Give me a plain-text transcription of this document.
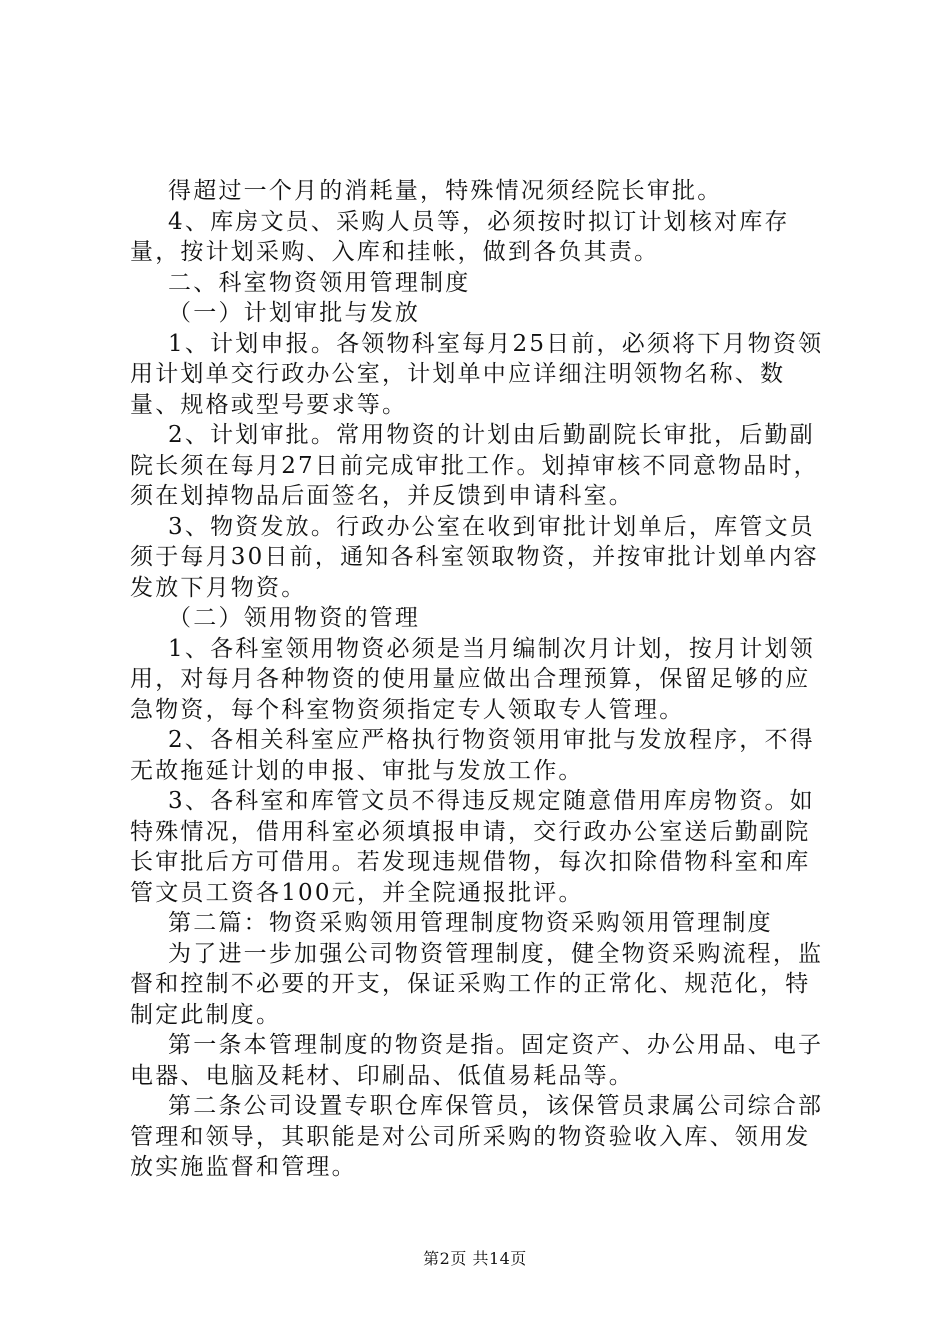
得超过一个月的消耗量，特殊情况须经院长审批。

4、库房文员、采购人员等，必须按时拟订计划核对库存量，按计划采购、入库和挂帐，做到各负其责。

二、科室物资领用管理制度

（一）计划审批与发放

1、计划申报。各领物科室每月25日前，必须将下月物资领用计划单交行政办公室，计划单中应详细注明领物名称、数量、规格或型号要求等。

2、计划审批。常用物资的计划由后勤副院长审批，后勤副院长须在每月27日前完成审批工作。划掉审核不同意物品时，须在划掉物品后面签名，并反馈到申请科室。

3、物资发放。行政办公室在收到审批计划单后，库管文员须于每月30日前，通知各科室领取物资，并按审批计划单内容发放下月物资。

（二）领用物资的管理

1、各科室领用物资必须是当月编制次月计划，按月计划领用，对每月各种物资的使用量应做出合理预算，保留足够的应急物资，每个科室物资须指定专人领取专人管理。

2、各相关科室应严格执行物资领用审批与发放程序，不得无故拖延计划的申报、审批与发放工作。

3、各科室和库管文员不得违反规定随意借用库房物资。如特殊情况，借用科室必须填报申请，交行政办公室送后勤副院长审批后方可借用。若发现违规借物，每次扣除借物科室和库管文员工资各100元，并全院通报批评。

第二篇：物资采购领用管理制度物资采购领用管理制度

为了进一步加强公司物资管理制度，健全物资采购流程，监督和控制不必要的开支，保证采购工作的正常化、规范化，特制定此制度。

第一条本管理制度的物资是指。固定资产、办公用品、电子电器、电脑及耗材、印刷品、低值易耗品等。

第二条公司设置专职仓库保管员，该保管员隶属公司综合部管理和领导，其职能是对公司所采购的物资验收入库、领用发放实施监督和管理。

第2页 共14页
